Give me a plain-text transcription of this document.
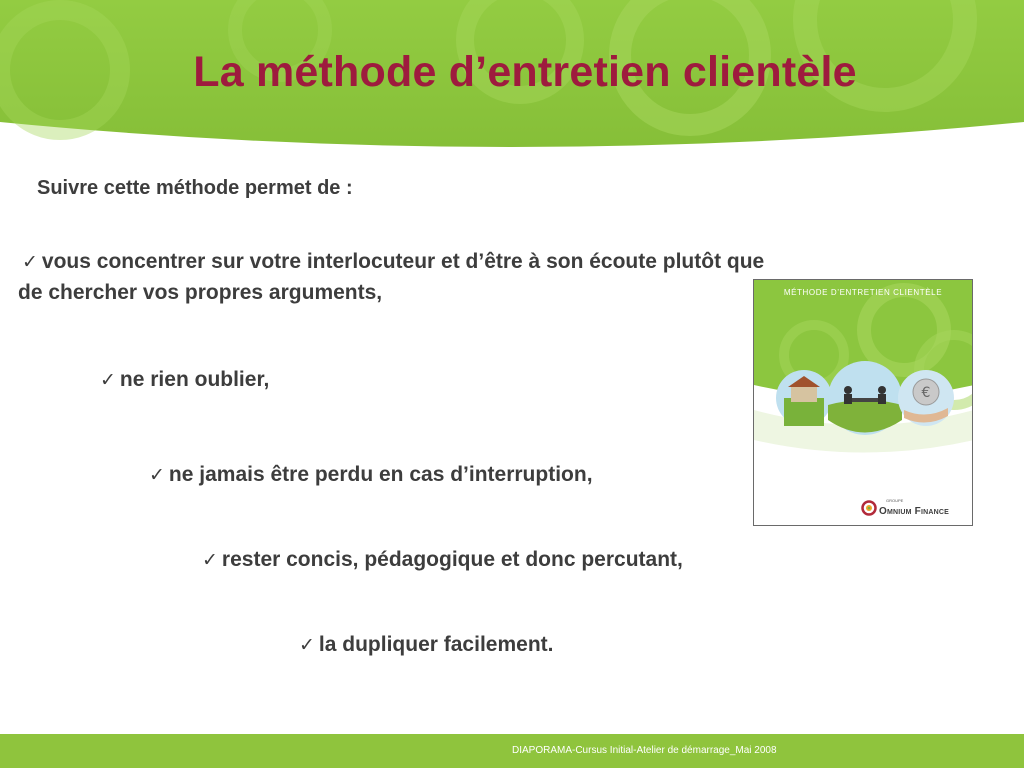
La méthode d’entretien clientèle
Suivre cette méthode permet de :
✓ vous concentrer sur votre interlocuteur et d’être à son écoute plutôt que
de chercher vos propres arguments,
✓ ne rien oublier,
✓ ne jamais être perdu en cas d’interruption,
✓ rester concis, pédagogique et donc percutant,
✓ la dupliquer facilement.
€
MÉTHODE D’ENTRETIEN CLIENTÈLE
GROUPE
Omnium Finance
DIAPORAMA-Cursus Initial-Atelier de démarrage_Mai 2008
